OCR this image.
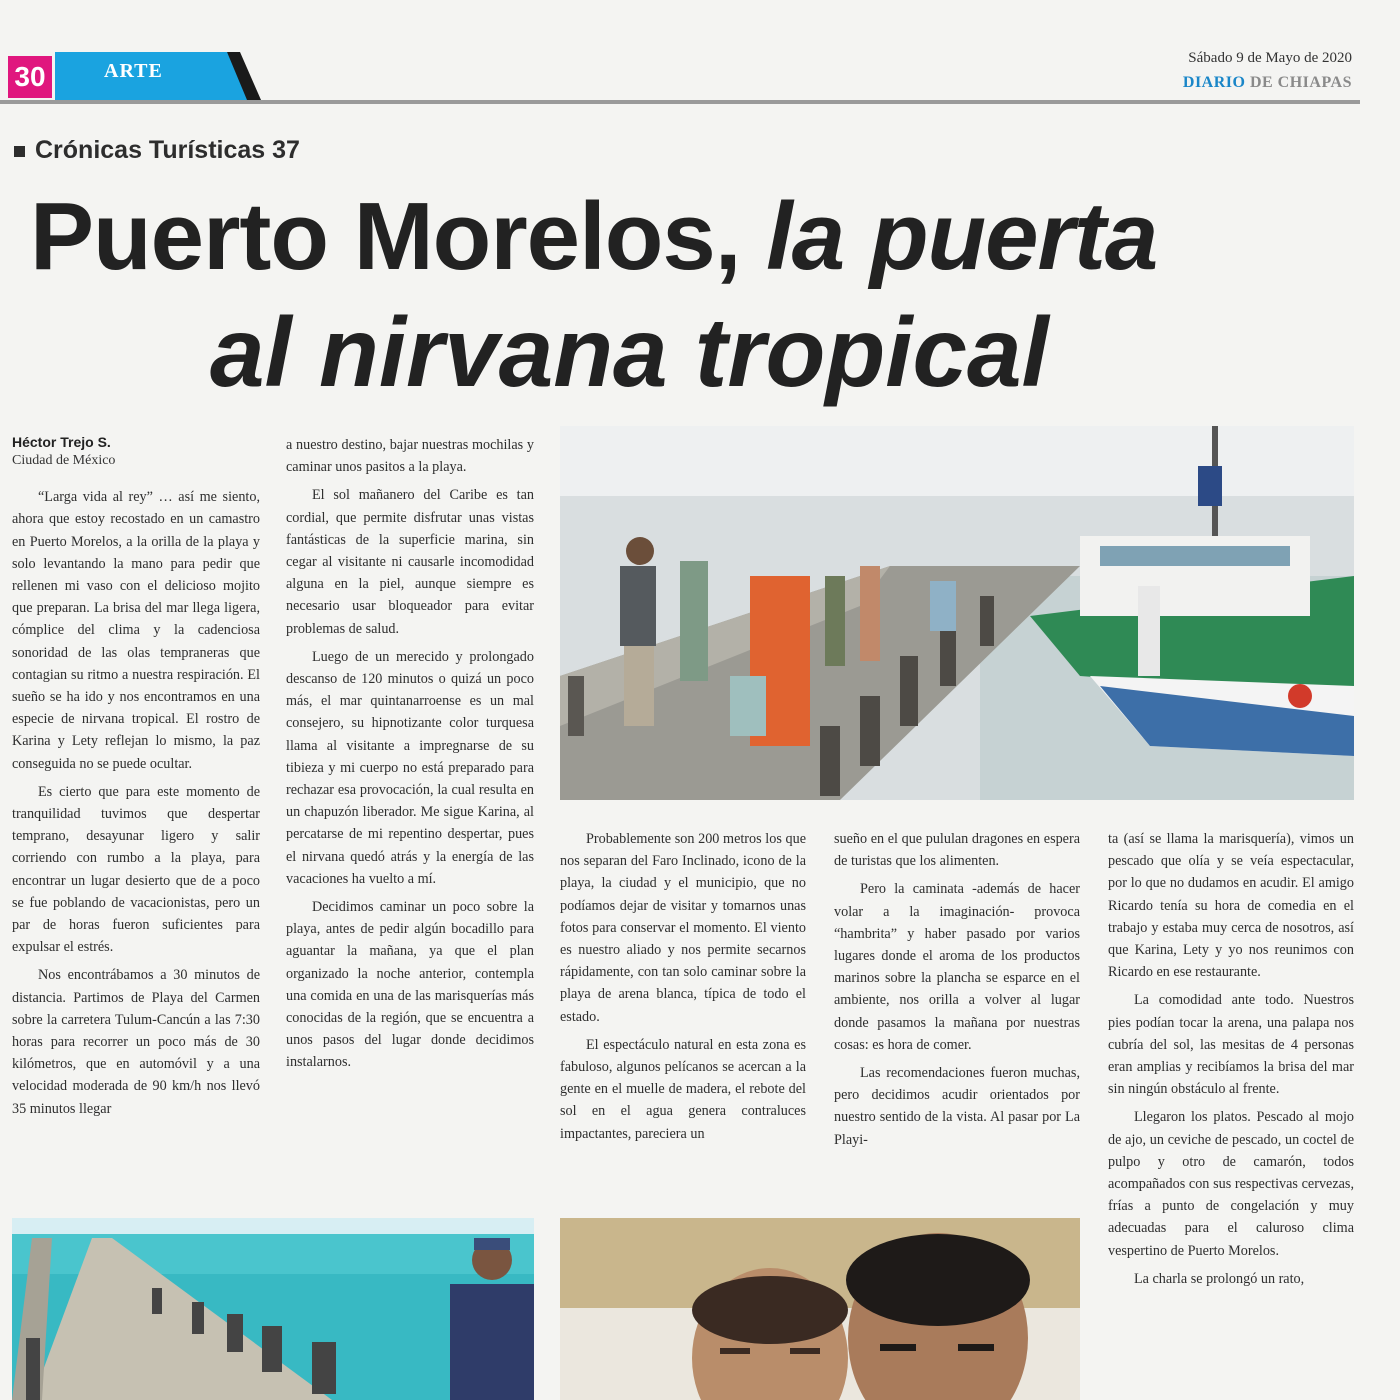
30	ARTE
Sábado 9 de Mayo de 2020
DIARIO DE CHIAPAS
Crónicas Turísticas 37
Puerto Morelos, la puerta
al nirvana tropical
Héctor Trejo S.
Ciudad de México

“Larga vida al rey” … así me siento, ahora que estoy recostado en un camastro en Puerto Morelos, a la orilla de la playa y solo levantando la mano para pedir que rellenen mi vaso con el delicioso mojito que preparan. La brisa del mar llega ligera, cómplice del clima y la cadenciosa sonoridad de las olas tempraneras que contagian su ritmo a nuestra respiración. El sueño se ha ido y nos encontramos en una especie de nirvana tropical. El rostro de Karina y Lety reflejan lo mismo, la paz conseguida no se puede ocultar.

Es cierto que para este momento de tranquilidad tuvimos que despertar temprano, desayunar ligero y salir corriendo con rumbo a la playa, para encontrar un lugar desierto que de a poco se fue poblando de vacacionistas, pero un par de horas fueron suficientes para expulsar el estrés.

Nos encontrábamos a 30 minutos de distancia. Partimos de Playa del Carmen sobre la carretera Tulum-Cancún a las 7:30 horas para recorrer un poco más de 30 kilómetros, que en automóvil y a una velocidad moderada de 90 km/h nos llevó 35 minutos llegar

a nuestro destino, bajar nuestras mochilas y caminar unos pasitos a la playa.

El sol mañanero del Caribe es tan cordial, que permite disfrutar unas vistas fantásticas de la superficie marina, sin cegar al visitante ni causarle incomodidad alguna en la piel, aunque siempre es necesario usar bloqueador para evitar problemas de salud.

Luego de un merecido y prolongado descanso de 120 minutos o quizá un poco más, el mar quintanarroense es un mal consejero, su hipnotizante color turquesa llama al visitante a impregnarse de su tibieza y mi cuerpo no está preparado para rechazar esa provocación, la cual resulta en un chapuzón liberador. Me sigue Karina, al percatarse de mi repentino despertar, pues el nirvana quedó atrás y la energía de las vacaciones ha vuelto a mí.

Decidimos caminar un poco sobre la playa, antes de pedir algún bocadillo para aguantar la mañana, ya que el plan organizado la noche anterior, contempla una comida en una de las marisquerías más conocidas de la región, que se encuentra a unos pasos del lugar donde decidimos instalarnos.

Probablemente son 200 metros los que nos separan del Faro Inclinado, icono de la playa, la ciudad y el municipio, que no podíamos dejar de visitar y tomarnos unas fotos para conservar el momento. El viento es nuestro aliado y nos permite secarnos rápidamente, con tan solo caminar sobre la playa de arena blanca, típica de todo el estado.

El espectáculo natural en esta zona es fabuloso, algunos pelícanos se acercan a la gente en el muelle de madera, el rebote del sol en el agua genera contraluces impactantes, pareciera un

sueño en el que pululan dragones en espera de turistas que los alimenten.

Pero la caminata -además de hacer volar a la imaginación- provoca “hambrita” y haber pasado por varios lugares donde el aroma de los productos marinos sobre la plancha se esparce en el ambiente, nos orilla a volver al lugar donde pasamos la mañana por nuestras cosas: es hora de comer.

Las recomendaciones fueron muchas, pero decidimos acudir orientados por nuestro sentido de la vista. Al pasar por La Playi-

ta (así se llama la marisquería), vimos un pescado que olía y se veía espectacular, por lo que no dudamos en acudir. El amigo Ricardo tenía su hora de comedia en el trabajo y estaba muy cerca de nosotros, así que Karina, Lety y yo nos reunimos con Ricardo en ese restaurante.

La comodidad ante todo. Nuestros pies podían tocar la arena, una palapa nos cubría del sol, las mesitas de 4 personas eran amplias y recibíamos la brisa del mar sin ningún obstáculo al frente.

Llegaron los platos. Pescado al mojo de ajo, un ceviche de pescado, un coctel de pulpo y otro de camarón, todos acompañados con sus respectivas cervezas, frías a punto de congelación y muy adecuadas para el caluroso clima vespertino de Puerto Morelos.

La charla se prolongó un rato,
